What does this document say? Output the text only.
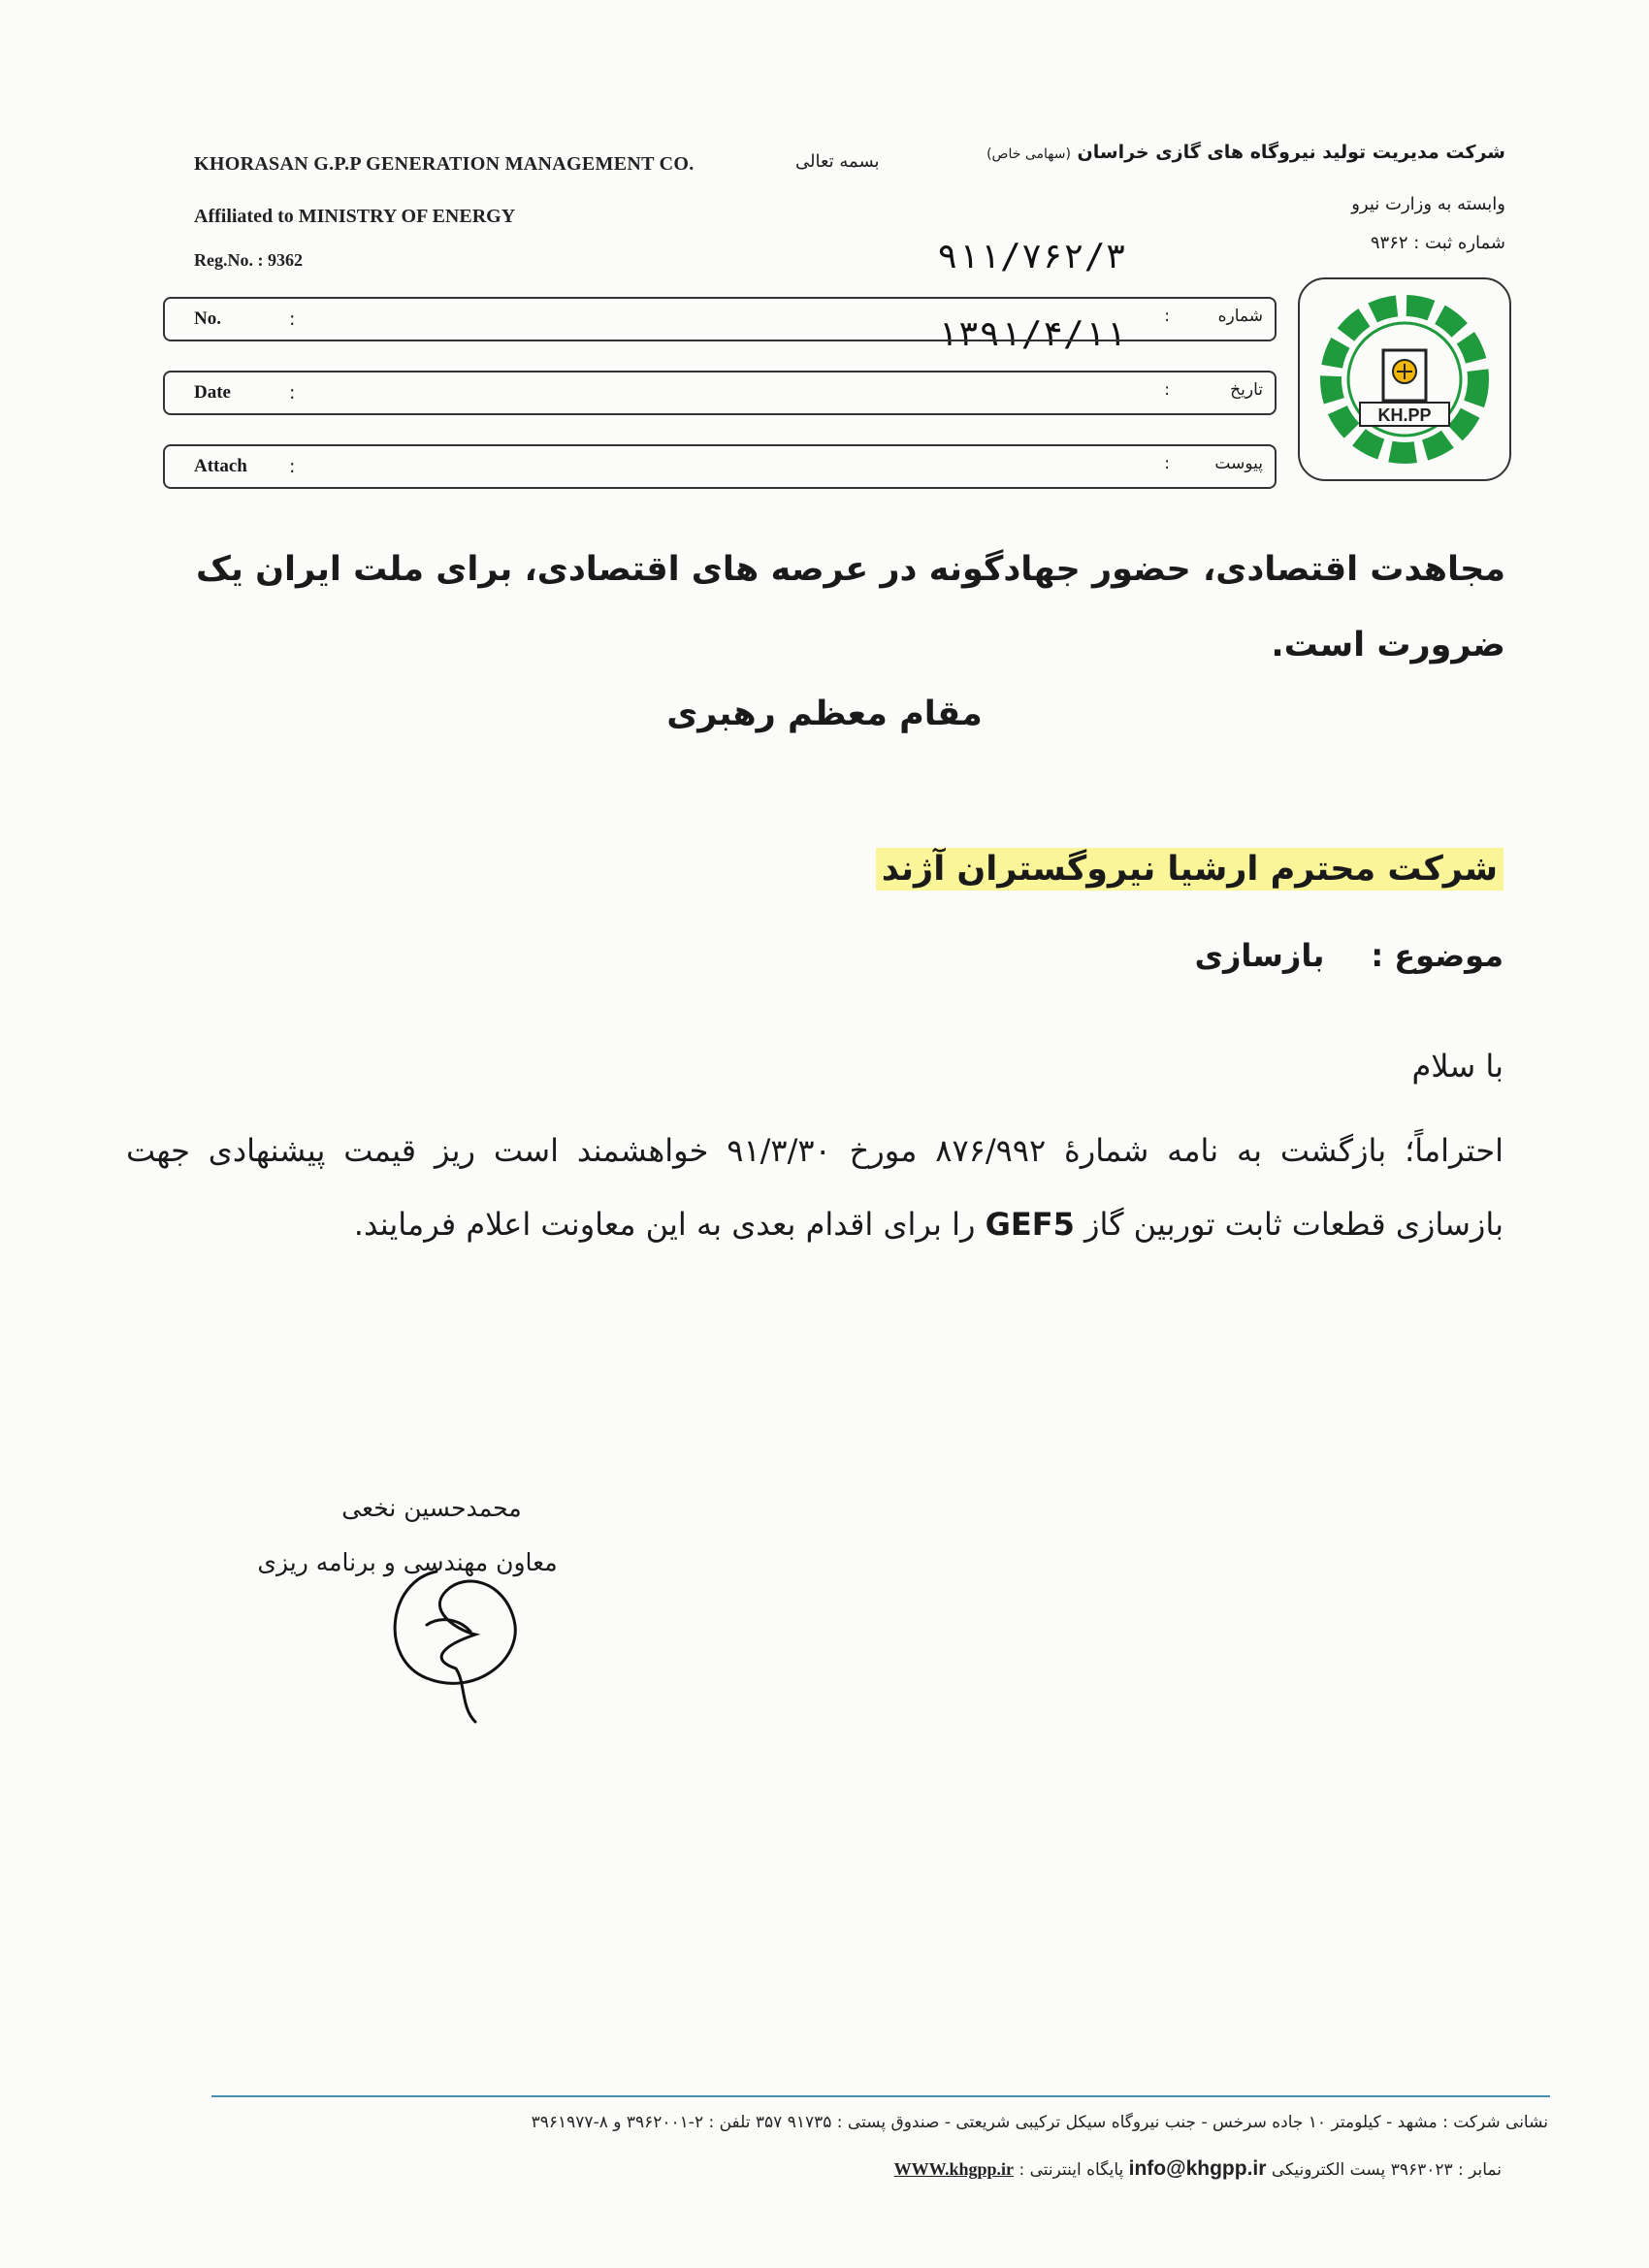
KHORASAN G.P.P GENERATION MANAGEMENT CO.
Affiliated to MINISTRY OF ENERGY
Reg.No. : 9362
بسمه تعالی	شرکت مدیریت تولید نیروگاه های گازی خراسان (سهامی خاص)
وابسته به وزارت نیرو
شماره ثبت : ۹۳۶۲
۹۱۱/۷۶۲/۳
۱۳۹۱/۴/۱۱
No.	:	:	شماره
Date	:	:	تاریخ
Attach :	:	پیوست
KH.PP
مجاهدت اقتصادی، حضور جهادگونه در عرصه های اقتصادی، برای ملت ایران یک ضرورت است.
مقام معظم رهبری
شرکت محترم ارشیا نیروگستران آژند
موضوع :بازسازی
با سلام
احتراماً؛ بازگشت به نامه شمارهٔ ۸۷۶/۹۹۲ مورخ ۹۱/۳/۳۰ خواهشمند است ریز قیمت پیشنهادی جهت بازسازی قطعات ثابت توربین گاز GEF5 را برای اقدام بعدی به این معاونت اعلام فرمایند.
محمدحسین نخعی
معاون مهندسی و برنامه ریزی
نشانی شرکت : مشهد - کیلومتر ۱۰ جاده سرخس - جنب نیروگاه سیکل ترکیبی شریعتی - صندوق پستی : ۹۱۷۳۵ ۳۵۷ تلفن : ۲-۳۹۶۲۰۰۱ و ۸-۳۹۶۱۹۷۷
نمابر : ۳۹۶۳۰۲۳ پست الکترونیکی info@khgpp.ir پایگاه اینترنتی : WWW.khgpp.ir
